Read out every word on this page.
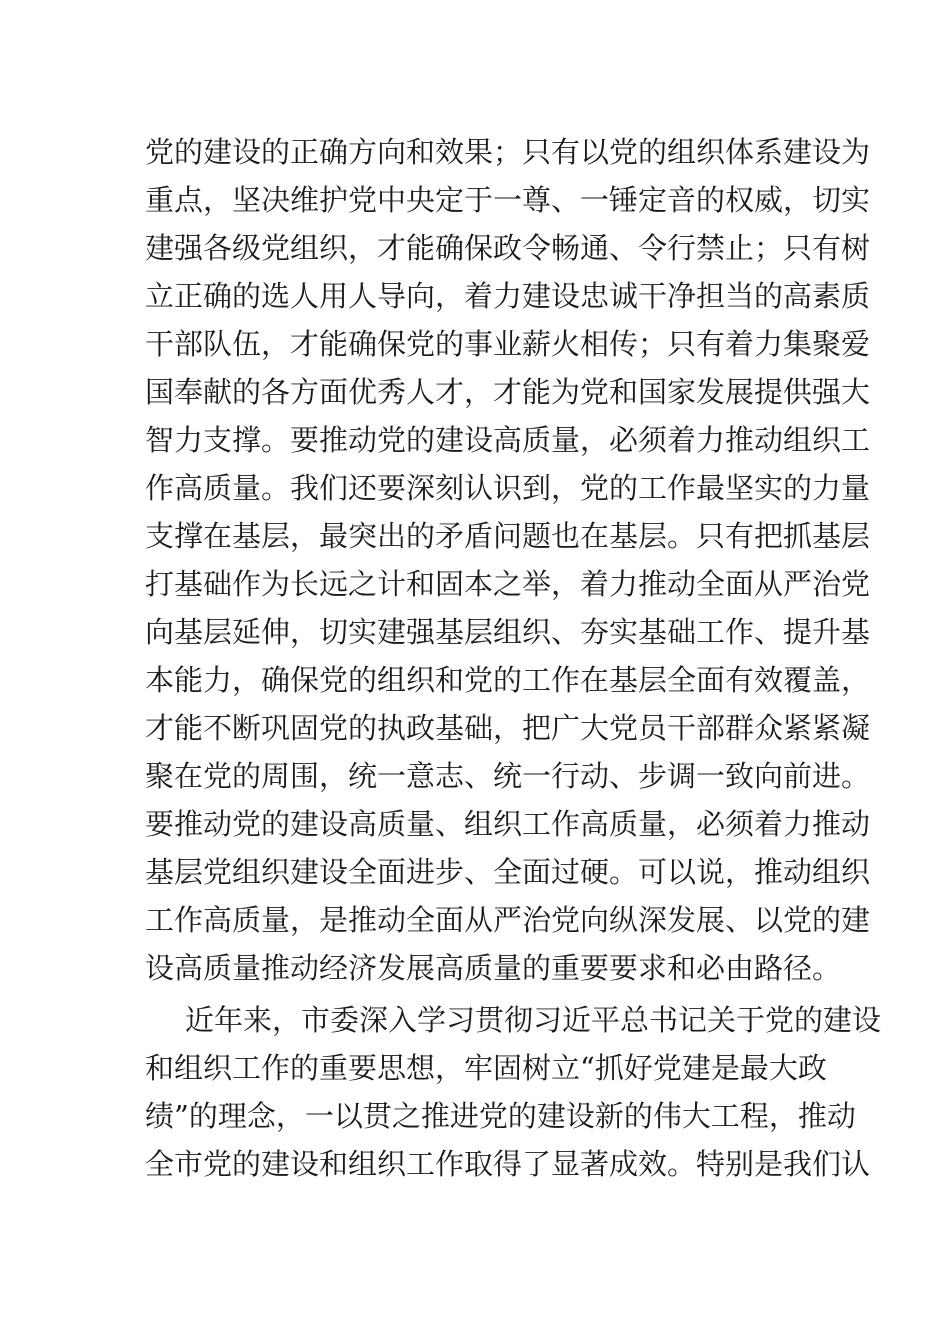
党的建设的正确方向和效果；只有以党的组织体系建设为
重点，坚决维护党中央定于一尊、一锤定音的权威，切实
建强各级党组织，才能确保政令畅通、令行禁止；只有树
立正确的选人用人导向，着力建设忠诚干净担当的高素质
干部队伍，才能确保党的事业薪火相传；只有着力集聚爱
国奉献的各方面优秀人才，才能为党和国家发展提供强大
智力支撑。要推动党的建设高质量，必须着力推动组织工
作高质量。我们还要深刻认识到，党的工作最坚实的力量
支撑在基层，最突出的矛盾问题也在基层。只有把抓基层
打基础作为长远之计和固本之举，着力推动全面从严治党
向基层延伸，切实建强基层组织、夯实基础工作、提升基
本能力，确保党的组织和党的工作在基层全面有效覆盖，
才能不断巩固党的执政基础，把广大党员干部群众紧紧凝
聚在党的周围，统一意志、统一行动、步调一致向前进。
要推动党的建设高质量、组织工作高质量，必须着力推动
基层党组织建设全面进步、全面过硬。可以说，推动组织
工作高质量，是推动全面从严治党向纵深发展、以党的建
设高质量推动经济发展高质量的重要要求和必由路径。
近年来，市委深入学习贯彻习近平总书记关于党的建设
和组织工作的重要思想，牢固树立“抓好党建是最大政
绩”的理念，一以贯之推进党的建设新的伟大工程，推动
全市党的建设和组织工作取得了显著成效。特别是我们认
